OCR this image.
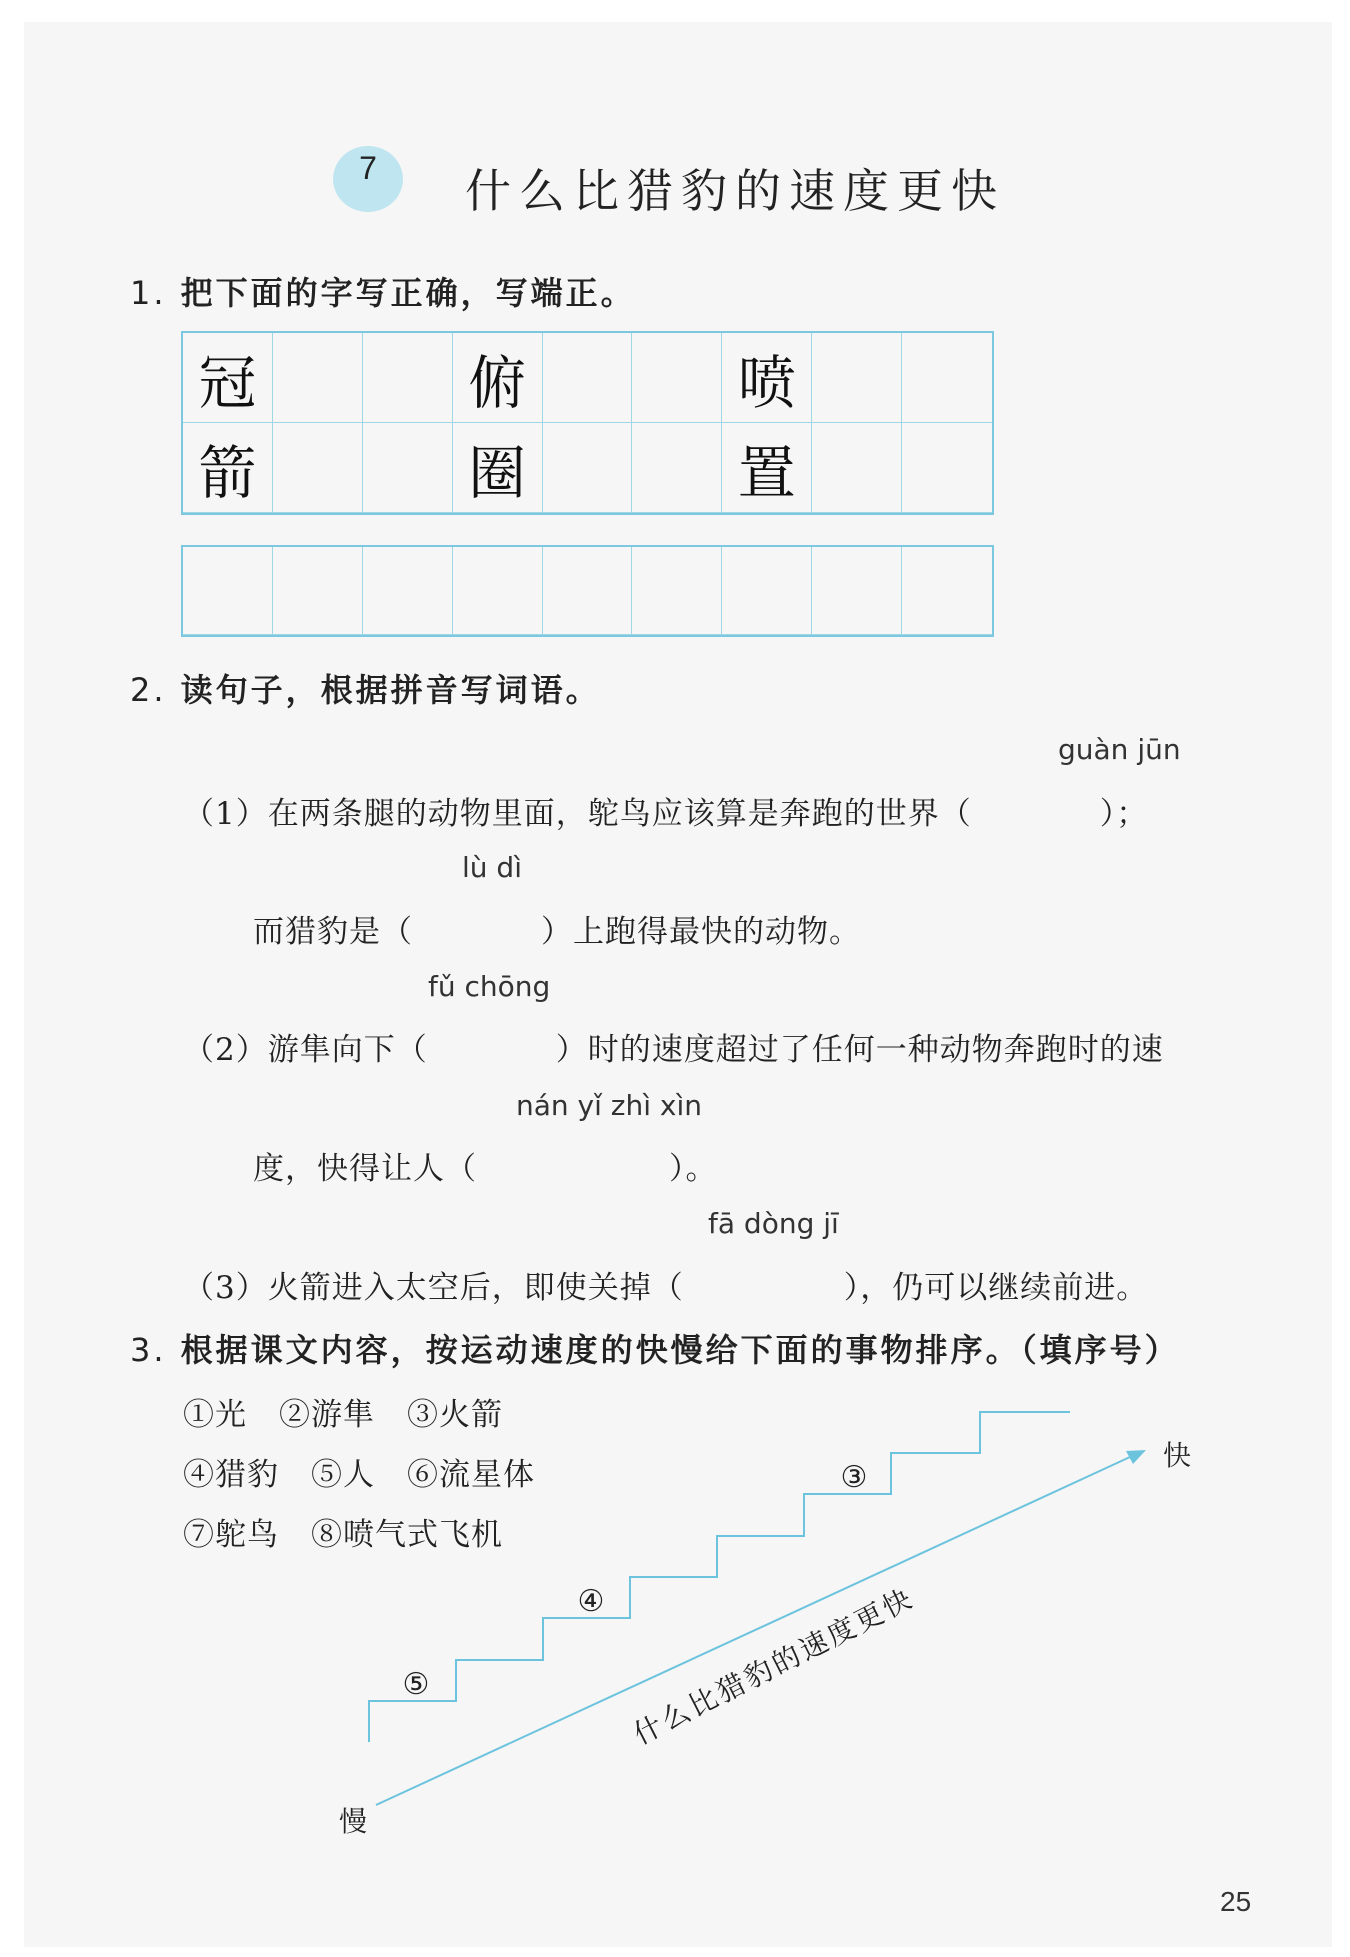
7	什么比猎豹的速度更快
1. 把下面的字写正确，写端正。
冠	俯	喷
箭	圈	置
2. 读句子，根据拼音写词语。
guàn jūn
（1）在两条腿的动物里面，鸵鸟应该算是奔跑的世界（　　　　）；
lù dì
而猎豹是（　　　　）上跑得最快的动物。
fǔ chōng
（2）游隼向下（　　　　）时的速度超过了任何一种动物奔跑时的速
nán yǐ zhì xìn
度，快得让人（　　　　　　）。
fā dòng jī
（3）火箭进入太空后，即使关掉（　　　　　），仍可以继续前进。
3. 根据课文内容，按运动速度的快慢给下面的事物排序。（填序号）
①光　②游隼　③火箭
④猎豹　⑤人　⑥流星体
⑦鸵鸟　⑧喷气式飞机
⑤
④
③
快
慢
什么比猎豹的速度更快
25
